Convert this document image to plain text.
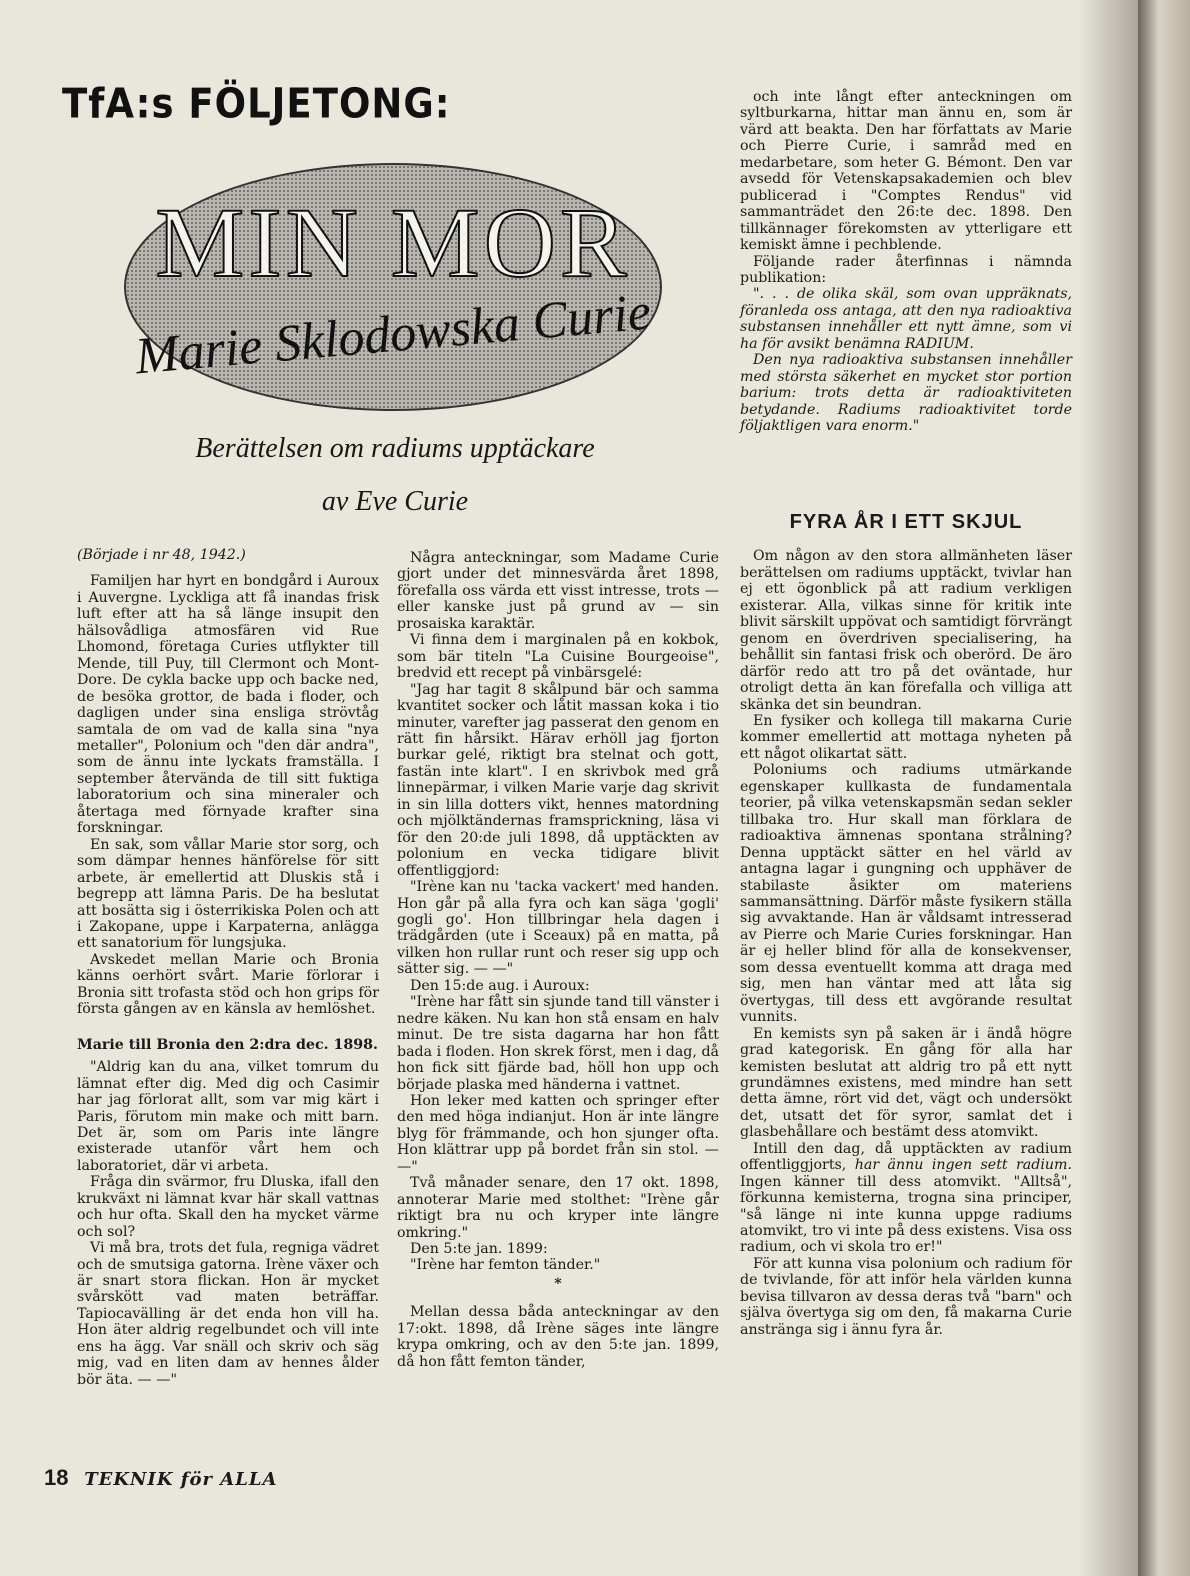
TfA:s FÖLJETONG:
MIN MOR
Marie Sklodowska Curie
Berättelsen om radiums upptäckare
av Eve Curie

(Började i nr 48, 1942.)

Familjen har hyrt en bondgård i Auroux i Auvergne. Lyckliga att få inandas frisk luft efter att ha så länge insupit den hälsovådliga atmosfären vid Rue Lhomond, företaga Curies utflykter till Mende, till Puy, till Clermont och Mont-Dore. De cykla backe upp och backe ned, de besöka grottor, de bada i floder, och dagligen under sina ensliga strövtåg samtala de om vad de kalla sina "nya metaller", Polonium och "den där andra", som de ännu inte lyckats framställa. I september återvända de till sitt fuktiga laboratorium och sina mineraler och återtaga med förnyade krafter sina forskningar.

En sak, som vållar Marie stor sorg, och som dämpar hennes hänförelse för sitt arbete, är emellertid att Dluskis stå i begrepp att lämna Paris. De ha beslutat att bosätta sig i österrikiska Polen och att i Zakopane, uppe i Karpaterna, anlägga ett sanatorium för lungsjuka.

Avskedet mellan Marie och Bronia känns oerhört svårt. Marie förlorar i Bronia sitt trofasta stöd och hon grips för första gången av en känsla av hemlöshet.

Marie till Bronia den 2:dra dec. 1898.

"Aldrig kan du ana, vilket tomrum du lämnat efter dig. Med dig och Casimir har jag förlorat allt, som var mig kärt i Paris, förutom min make och mitt barn. Det är, som om Paris inte längre existerade utanför vårt hem och laboratoriet, där vi arbeta.

Fråga din svärmor, fru Dluska, ifall den krukväxt ni lämnat kvar här skall vattnas och hur ofta. Skall den ha mycket värme och sol?

Vi må bra, trots det fula, regniga vädret och de smutsiga gatorna. Irène växer och är snart stora flickan. Hon är mycket svårskött vad maten beträffar. Tapiocavälling är det enda hon vill ha. Hon äter aldrig regelbundet och vill inte ens ha ägg. Var snäll och skriv och säg mig, vad en liten dam av hennes ålder bör äta. — —"

Några anteckningar, som Madame Curie gjort under det minnesvärda året 1898, förefalla oss värda ett visst intresse, trots — eller kanske just på grund av — sin prosaiska karaktär.

Vi finna dem i marginalen på en kokbok, som bär titeln "La Cuisine Bourgeoise", bredvid ett recept på vinbärsgelé:

"Jag har tagit 8 skålpund bär och samma kvantitet socker och låtit massan koka i tio minuter, varefter jag passerat den genom en rätt fin hårsikt. Härav erhöll jag fjorton burkar gelé, riktigt bra stelnat och gott, fastän inte klart". I en skrivbok med grå linnepärmar, i vilken Marie varje dag skrivit in sin lilla dotters vikt, hennes matordning och mjölktändernas framsprickning, läsa vi för den 20:de juli 1898, då upptäckten av polonium en vecka tidigare blivit offentliggjord:

"Irène kan nu 'tacka vackert' med handen. Hon går på alla fyra och kan säga 'gogli' gogli go'. Hon tillbringar hela dagen i trädgården (ute i Sceaux) på en matta, på vilken hon rullar runt och reser sig upp och sätter sig. — —"

Den 15:de aug. i Auroux:

"Irène har fått sin sjunde tand till vänster i nedre käken. Nu kan hon stå ensam en halv minut. De tre sista dagarna har hon fått bada i floden. Hon skrek först, men i dag, då hon fick sitt fjärde bad, höll hon upp och började plaska med händerna i vattnet.

Hon leker med katten och springer efter den med höga indianjut. Hon är inte längre blyg för främmande, och hon sjunger ofta. Hon klättrar upp på bordet från sin stol. — —"

Två månader senare, den 17 okt. 1898, annoterar Marie med stolthet: "Irène går riktigt bra nu och kryper inte längre omkring."

Den 5:te jan. 1899:

"Irène har femton tänder."

*

Mellan dessa båda anteckningar av den 17:okt. 1898, då Irène säges inte längre krypa omkring, och av den 5:te jan. 1899, då hon fått femton tänder,

och inte långt efter anteckningen om syltburkarna, hittar man ännu en, som är värd att beakta. Den har författats av Marie och Pierre Curie, i samråd med en medarbetare, som heter G. Bémont. Den var avsedd för Vetenskapsakademien och blev publicerad i "Comptes Rendus" vid sammanträdet den 26:te dec. 1898. Den tillkännager förekomsten av ytterligare ett kemiskt ämne i pechblende.

Följande rader återfinnas i nämnda publikation:

". . . de olika skäl, som ovan uppräknats, föranleda oss antaga, att den nya radioaktiva substansen innehåller ett nytt ämne, som vi ha för avsikt benämna RADIUM.

Den nya radioaktiva substansen innehåller med största säkerhet en mycket stor portion barium: trots detta är radioaktiviteten betydande. Radiums radioaktivitet torde följaktligen vara enorm."

FYRA ÅR I ETT SKJUL

Om någon av den stora allmänheten läser berättelsen om radiums upptäckt, tvivlar han ej ett ögonblick på att radium verkligen existerar. Alla, vilkas sinne för kritik inte blivit särskilt uppövat och samtidigt förvrängt genom en överdriven specialisering, ha behållit sin fantasi frisk och oberörd. De äro därför redo att tro på det oväntade, hur otroligt detta än kan förefalla och villiga att skänka det sin beundran.

En fysiker och kollega till makarna Curie kommer emellertid att mottaga nyheten på ett något olikartat sätt.

Poloniums och radiums utmärkande egenskaper kullkasta de fundamentala teorier, på vilka vetenskapsmän sedan sekler tillbaka tro. Hur skall man förklara de radioaktiva ämnenas spontana strålning? Denna upptäckt sätter en hel värld av antagna lagar i gungning och upphäver de stabilaste åsikter om materiens sammansättning. Därför måste fysikern ställa sig avvaktande. Han är våldsamt intresserad av Pierre och Marie Curies forskningar. Han är ej heller blind för alla de konsekvenser, som dessa eventuellt komma att draga med sig, men han väntar med att låta sig övertygas, till dess ett avgörande resultat vunnits.

En kemists syn på saken är i ändå högre grad kategorisk. En gång för alla har kemisten beslutat att aldrig tro på ett nytt grundämnes existens, med mindre han sett detta ämne, rört vid det, vägt och undersökt det, utsatt det för syror, samlat det i glasbehållare och bestämt dess atomvikt.

Intill den dag, då upptäckten av radium offentliggjorts, har ännu ingen sett radium. Ingen känner till dess atomvikt. "Alltså", förkunna kemisterna, trogna sina principer, "så länge ni inte kunna uppge radiums atomvikt, tro vi inte på dess existens. Visa oss radium, och vi skola tro er!"

För att kunna visa polonium och radium för de tvivlande, för att inför hela världen kunna bevisa tillvaron av dessa deras två "barn" och själva övertyga sig om den, få makarna Curie anstränga sig i ännu fyra år.

18 TEKNIK för ALLA
